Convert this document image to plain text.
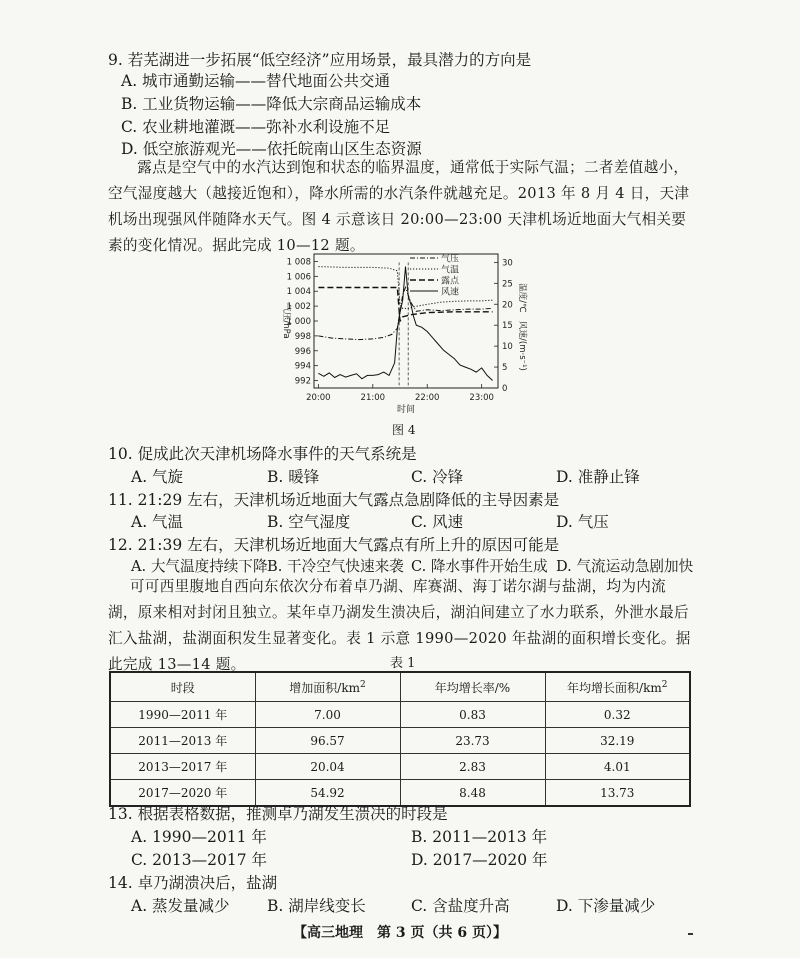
9. 若芜湖进一步拓展“低空经济”应用场景，最具潜力的方向是
A. 城市通勤运输——替代地面公共交通
B. 工业货物运输——降低大宗商品运输成本
C. 农业耕地灌溉——弥补水利设施不足
D. 低空旅游观光——依托皖南山区生态资源
露点是空气中的水汽达到饱和状态的临界温度，通常低于实际气温；二者差值越小，空气湿度越大（越接近饱和），降水所需的水汽条件就越充足。2013 年 8 月 4 日，天津机场出现强风伴随降水天气。图 4 示意该日 20:00—23:00 天津机场近地面大气相关要素的变化情况。据此完成 10—12 题。
992
994
996
998
1 000
1 002
1 004
1 006
1 008
0
5
10
15
20
25
30
20:00	21:00	22:00	23:00
时间
气压/hPa	温度/℃　风速/(m·s⁻¹)
气压
气温
露点
风速
图 4
10. 促成此次天津机场降水事件的天气系统是
A. 气旋	B. 暖锋	C. 冷锋	D. 准静止锋
11. 21:29 左右，天津机场近地面大气露点急剧降低的主导因素是
A. 气温	B. 空气湿度	C. 风速	D. 气压
12. 21:39 左右，天津机场近地面大气露点有所上升的原因可能是
A. 大气温度持续下降 B. 干冷空气快速来袭 C. 降水事件开始生成 D. 气流运动急剧加快
可可西里腹地自西向东依次分布着卓乃湖、库赛湖、海丁诺尔湖与盐湖，均为内流湖，原来相对封闭且独立。某年卓乃湖发生溃决后，湖泊间建立了水力联系，外泄水最后汇入盐湖，盐湖面积发生显著变化。表 1 示意 1990—2020 年盐湖的面积增长变化。据此完成 13—14 题。	表 1
时段	增加面积$/km^2$	年均增长率/%	年均增长面积$/km^2$
1990—2011 年	7.00	0.83	0.32
2011—2013 年	96.57	23.73	32.19
2013—2017 年	20.04	2.83	4.01
2017—2020 年	54.92	8.48	13.73
13. 根据表格数据，推测卓乃湖发生溃决的时段是
A. 1990—2011 年	B. 2011—2013 年
C. 2013—2017 年	D. 2017—2020 年
14. 卓乃湖溃决后，盐湖
A. 蒸发量减少 B. 湖岸线变长	C. 含盐度升高	D. 下渗量减少
【高三地理　第 3 页（共 6 页）】
